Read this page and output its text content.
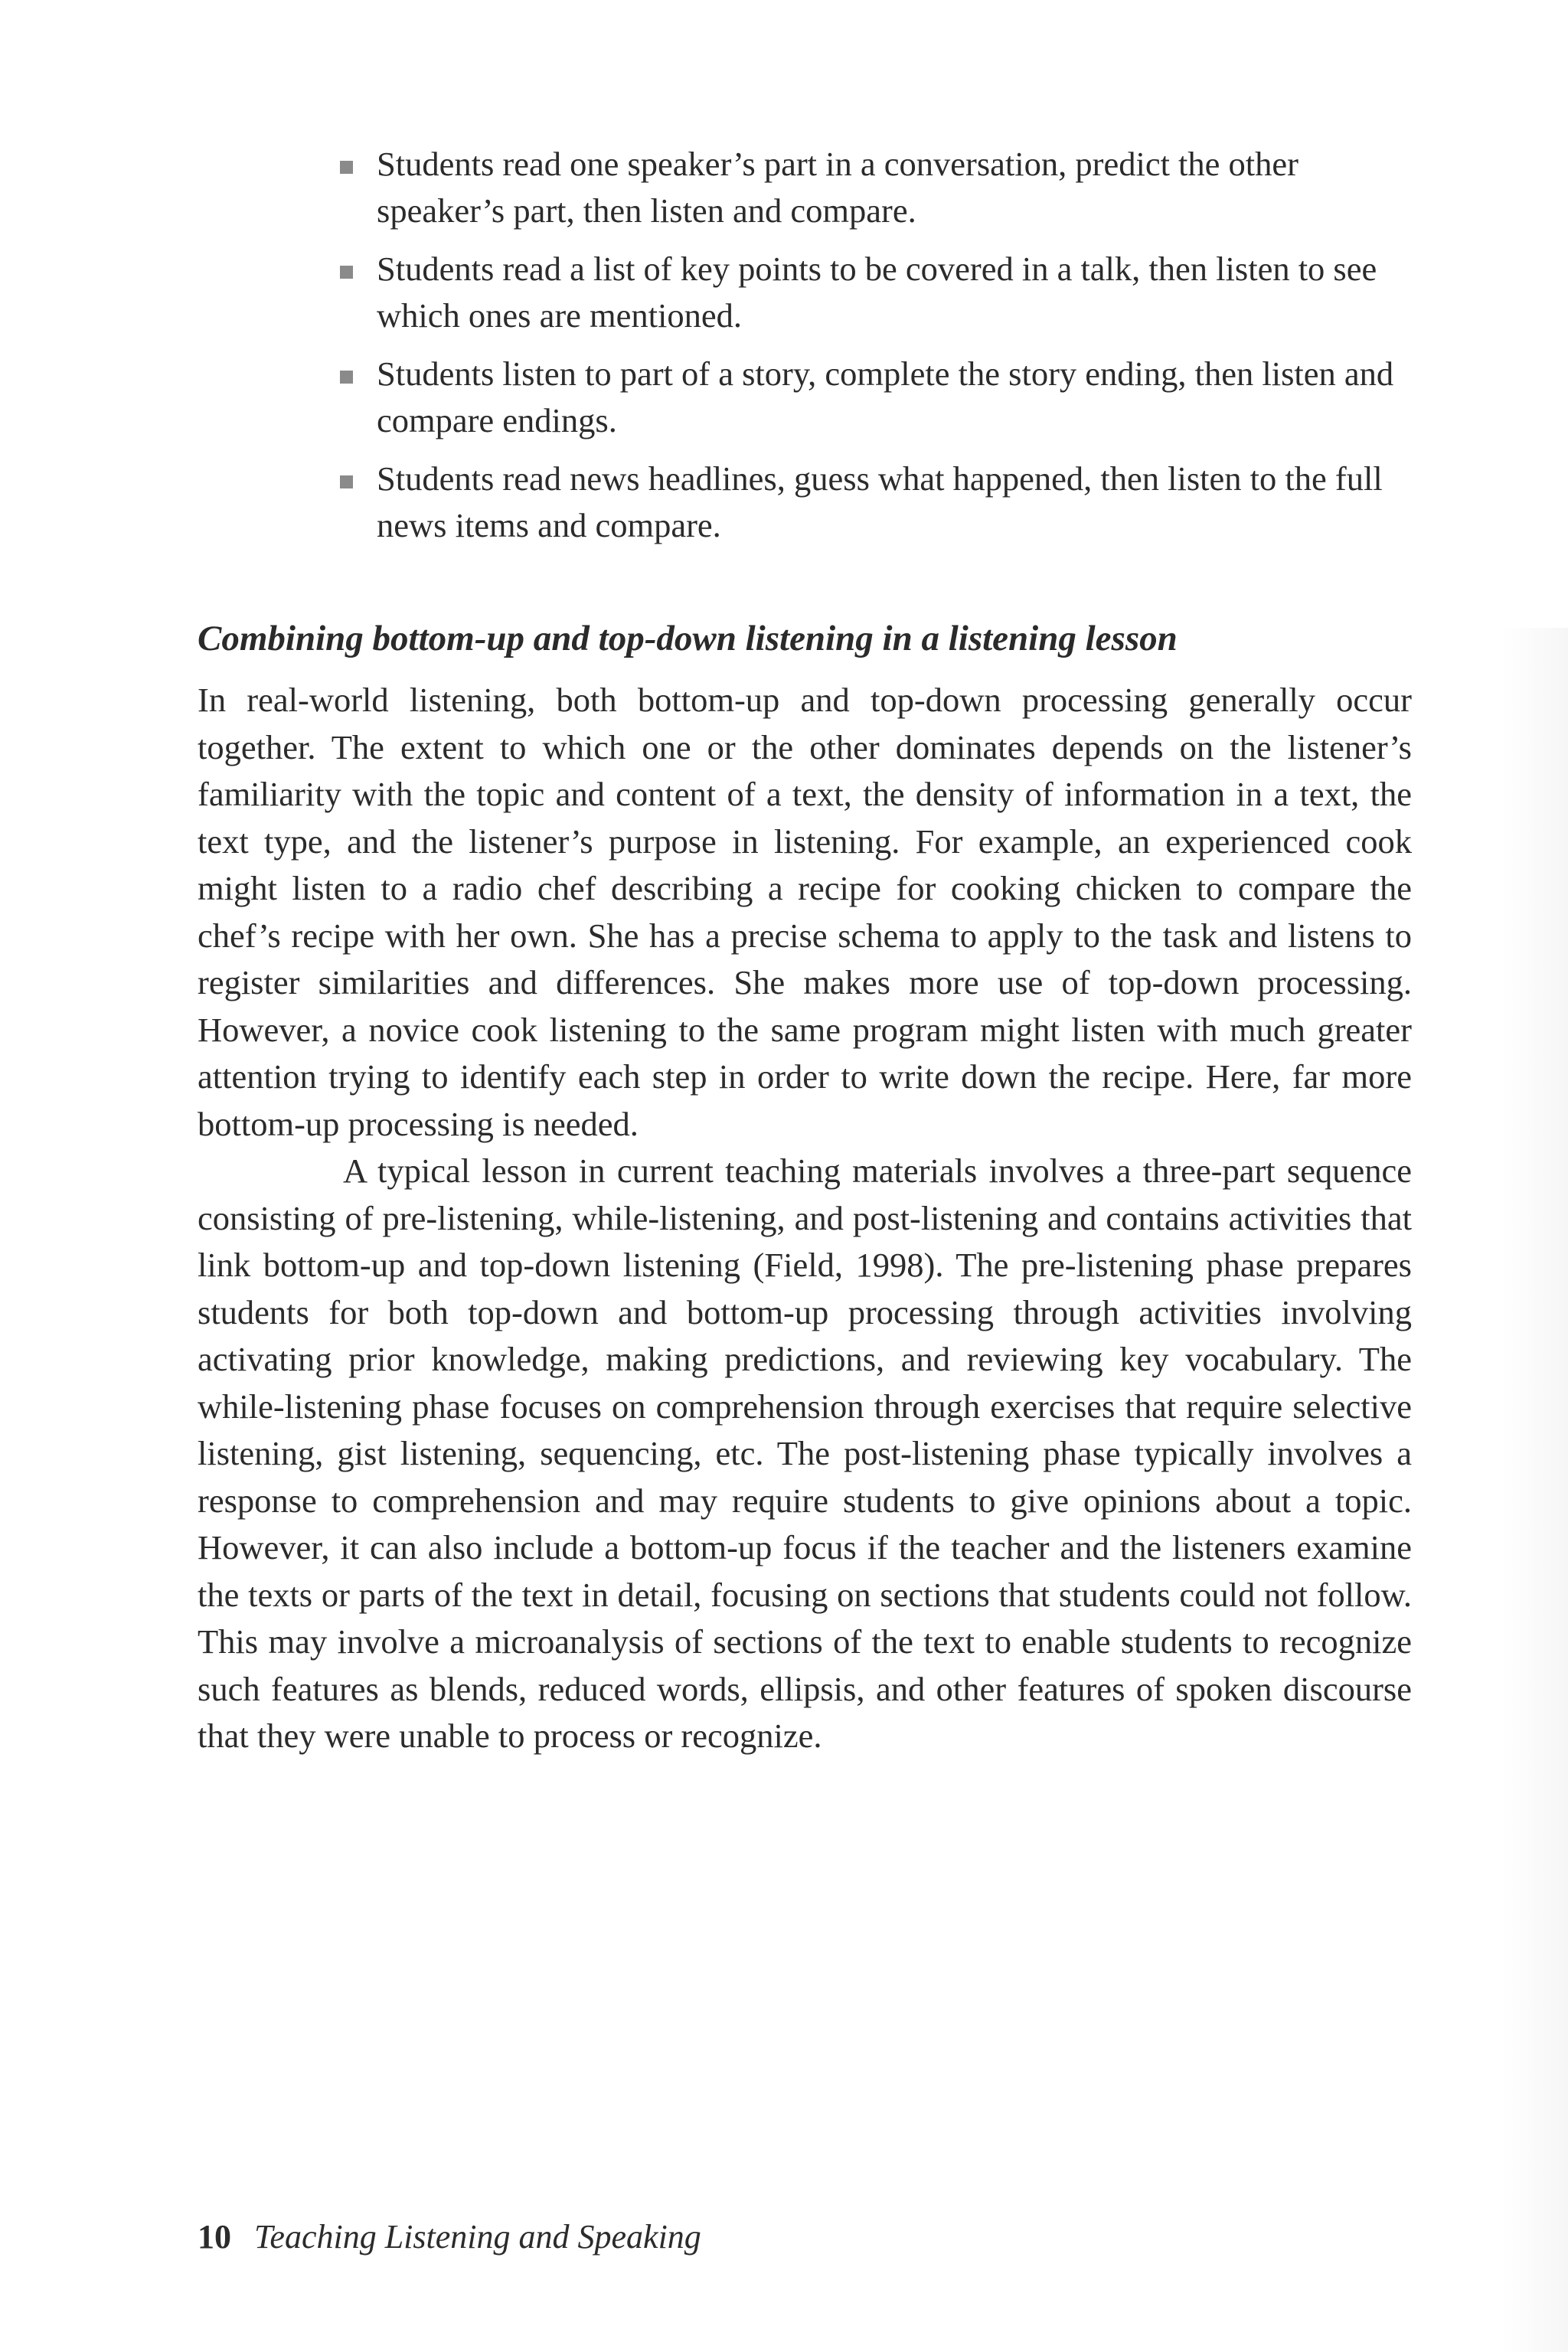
Students read one speaker’s part in a conversation, predict the other speaker’s part, then listen and compare.
Students read a list of key points to be covered in a talk, then listen to see which ones are mentioned.
Students listen to part of a story, complete the story ending, then listen and compare endings.
Students read news headlines, guess what happened, then listen to the full news items and compare.
Combining bottom-up and top-down listening in a listening lesson

In real-world listening, both bottom-up and top-down processing generally occur together. The extent to which one or the other dominates depends on the listener’s familiarity with the topic and content of a text, the density of information in a text, the text type, and the listener’s purpose in listening. For example, an experienced cook might listen to a radio chef describing a recipe for cooking chicken to compare the chef’s recipe with her own. She has a precise schema to apply to the task and listens to register similarities and differences. She makes more use of top-down processing. However, a novice cook listening to the same program might listen with much greater attention trying to identify each step in order to write down the recipe. Here, far more bottom-up processing is needed.

A typical lesson in current teaching materials involves a three-part sequence consisting of pre-listening, while-listening, and post-listening and contains activities that link bottom-up and top-down listening (Field, 1998). The pre-listening phase prepares students for both top-down and bottom-up processing through activities involving activating prior knowledge, making predictions, and reviewing key vocabulary. The while-listening phase focuses on comprehension through exercises that require selective listening, gist listening, sequencing, etc. The post-listening phase typically involves a response to comprehension and may require students to give opinions about a topic. However, it can also include a bottom-up focus if the teacher and the listeners examine the texts or parts of the text in detail, focusing on sections that students could not follow. This may involve a microanalysis of sections of the text to enable students to recognize such features as blends, reduced words, ellipsis, and other features of spoken discourse that they were unable to process or recognize.

10 Teaching Listening and Speaking
